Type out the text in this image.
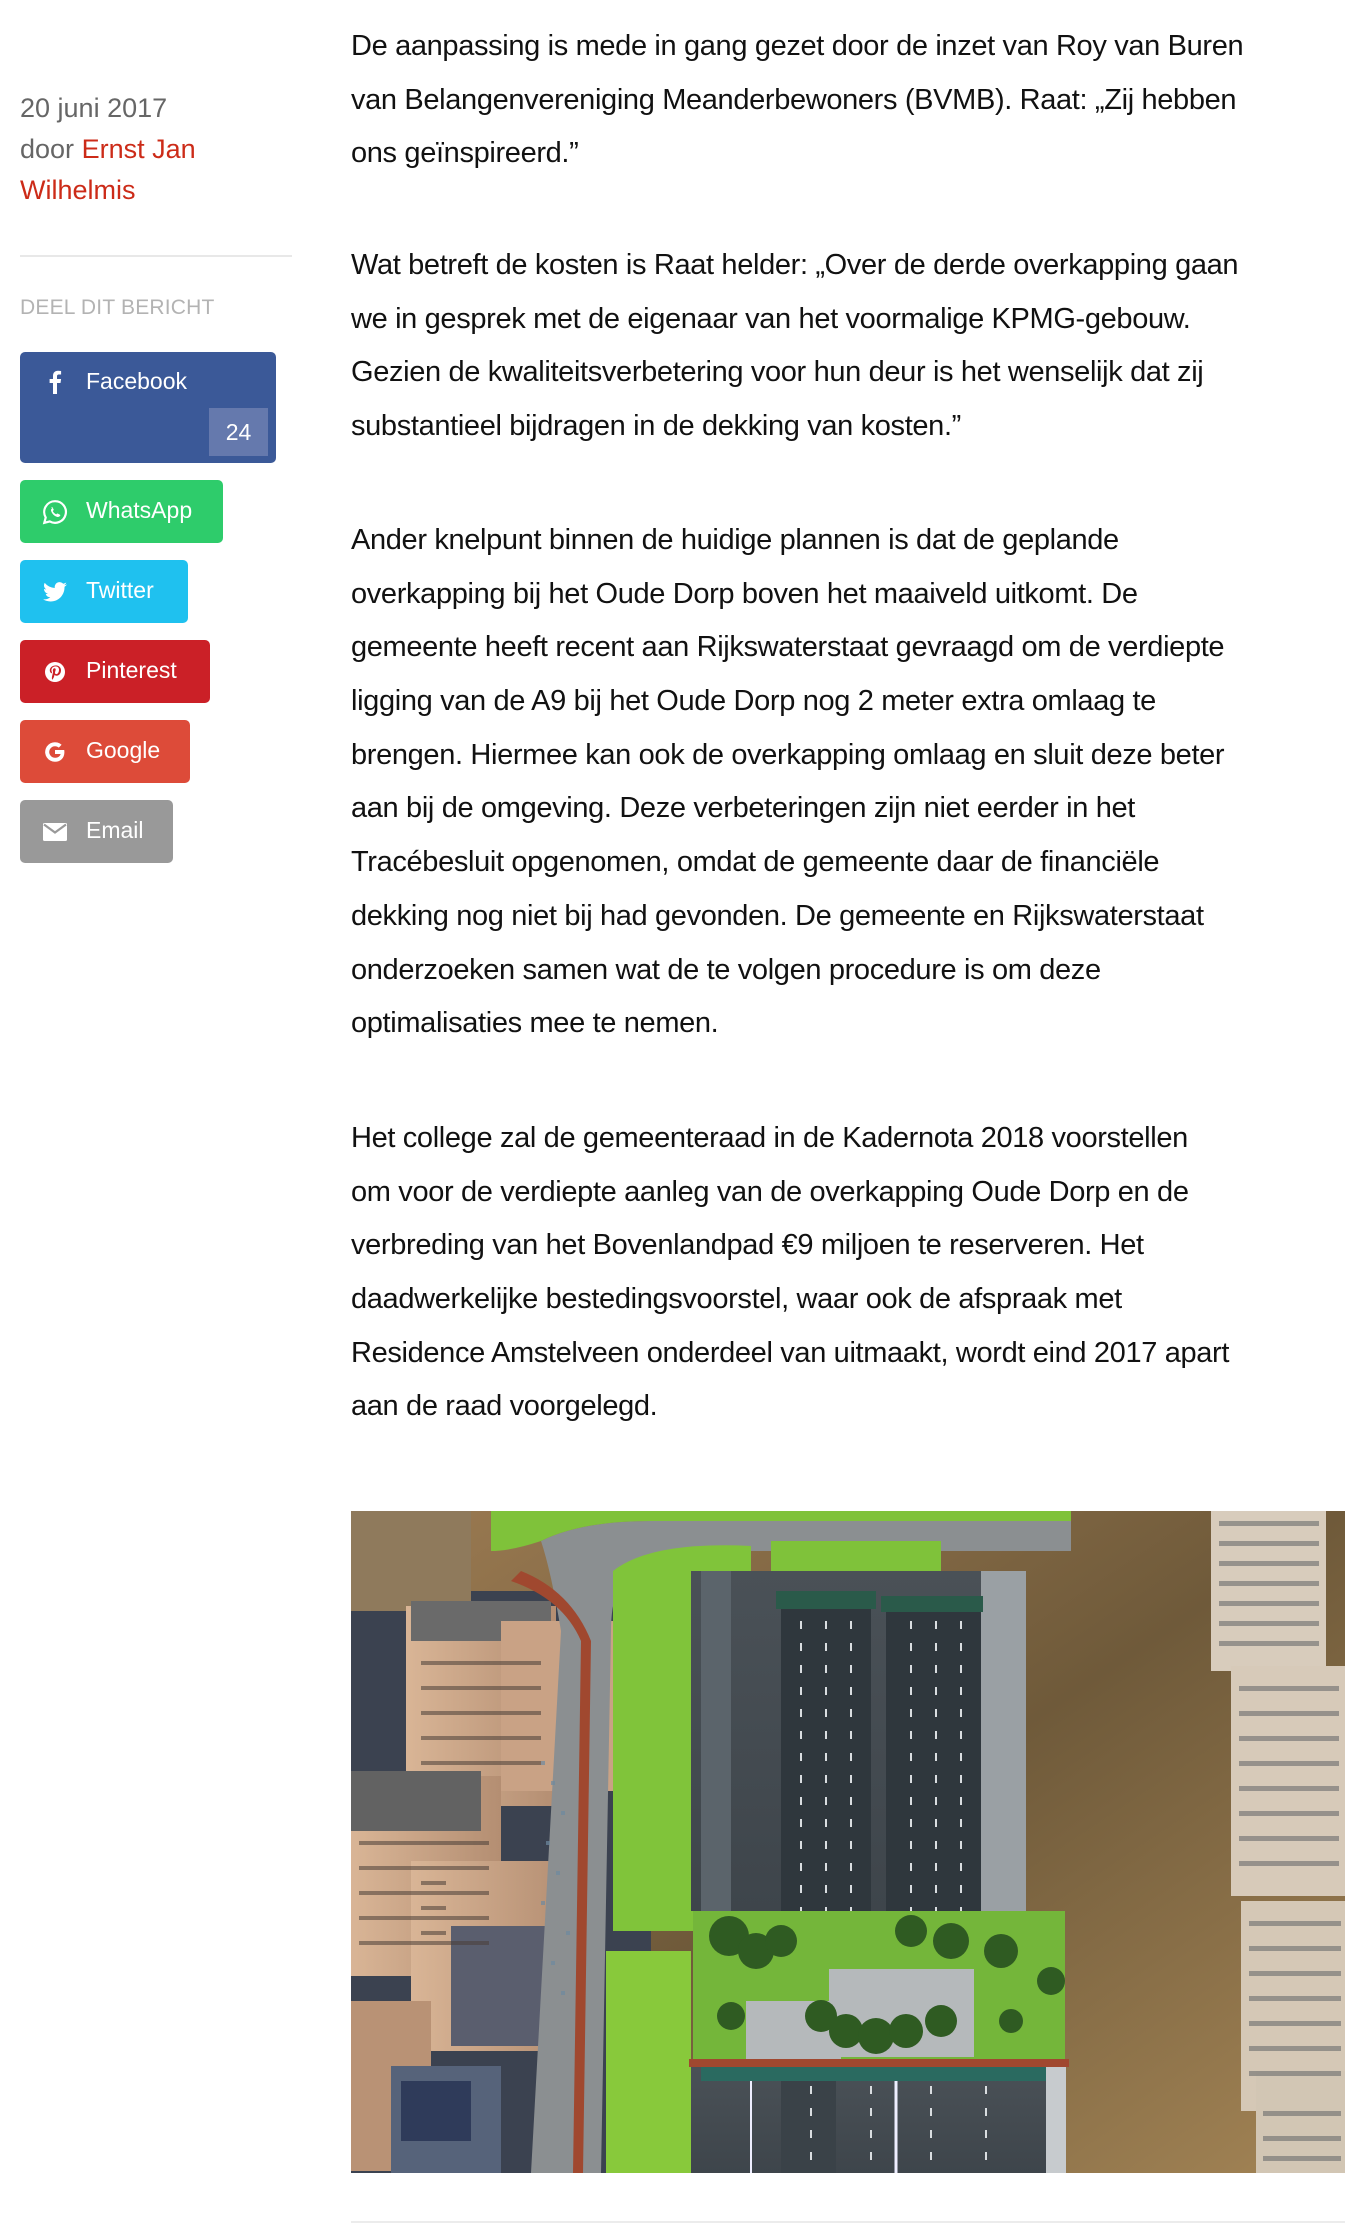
20 juni 2017
door Ernst Jan
Wilhelmis
DEEL DIT BERICHT
Facebook
24
WhatsApp
Twitter
Pinterest
Google
Email
De aanpassing is mede in gang gezet door de inzet van Roy van Buren
van Belangenvereniging Meanderbewoners (BVMB). Raat: „Zij hebben
ons geïnspireerd.”
Wat betreft de kosten is Raat helder: „Over de derde overkapping gaan
we in gesprek met de eigenaar van het voormalige KPMG-gebouw.
Gezien de kwaliteitsverbetering voor hun deur is het wenselijk dat zij
substantieel bijdragen in de dekking van kosten.”
Ander knelpunt binnen de huidige plannen is dat de geplande
overkapping bij het Oude Dorp boven het maaiveld uitkomt. De
gemeente heeft recent aan Rijkswaterstaat gevraagd om de verdiepte
ligging van de A9 bij het Oude Dorp nog 2 meter extra omlaag te
brengen. Hiermee kan ook de overkapping omlaag en sluit deze beter
aan bij de omgeving. Deze verbeteringen zijn niet eerder in het
Tracébesluit opgenomen, omdat de gemeente daar de financiële
dekking nog niet bij had gevonden. De gemeente en Rijkswaterstaat
onderzoeken samen wat de te volgen procedure is om deze
optimalisaties mee te nemen.
Het college zal de gemeenteraad in de Kadernota 2018 voorstellen
om voor de verdiepte aanleg van de overkapping Oude Dorp en de
verbreding van het Bovenlandpad €9 miljoen te reserveren. Het
daadwerkelijke bestedingsvoorstel, waar ook de afspraak met
Residence Amstelveen onderdeel van uitmaakt, wordt eind 2017 apart
aan de raad voorgelegd.
